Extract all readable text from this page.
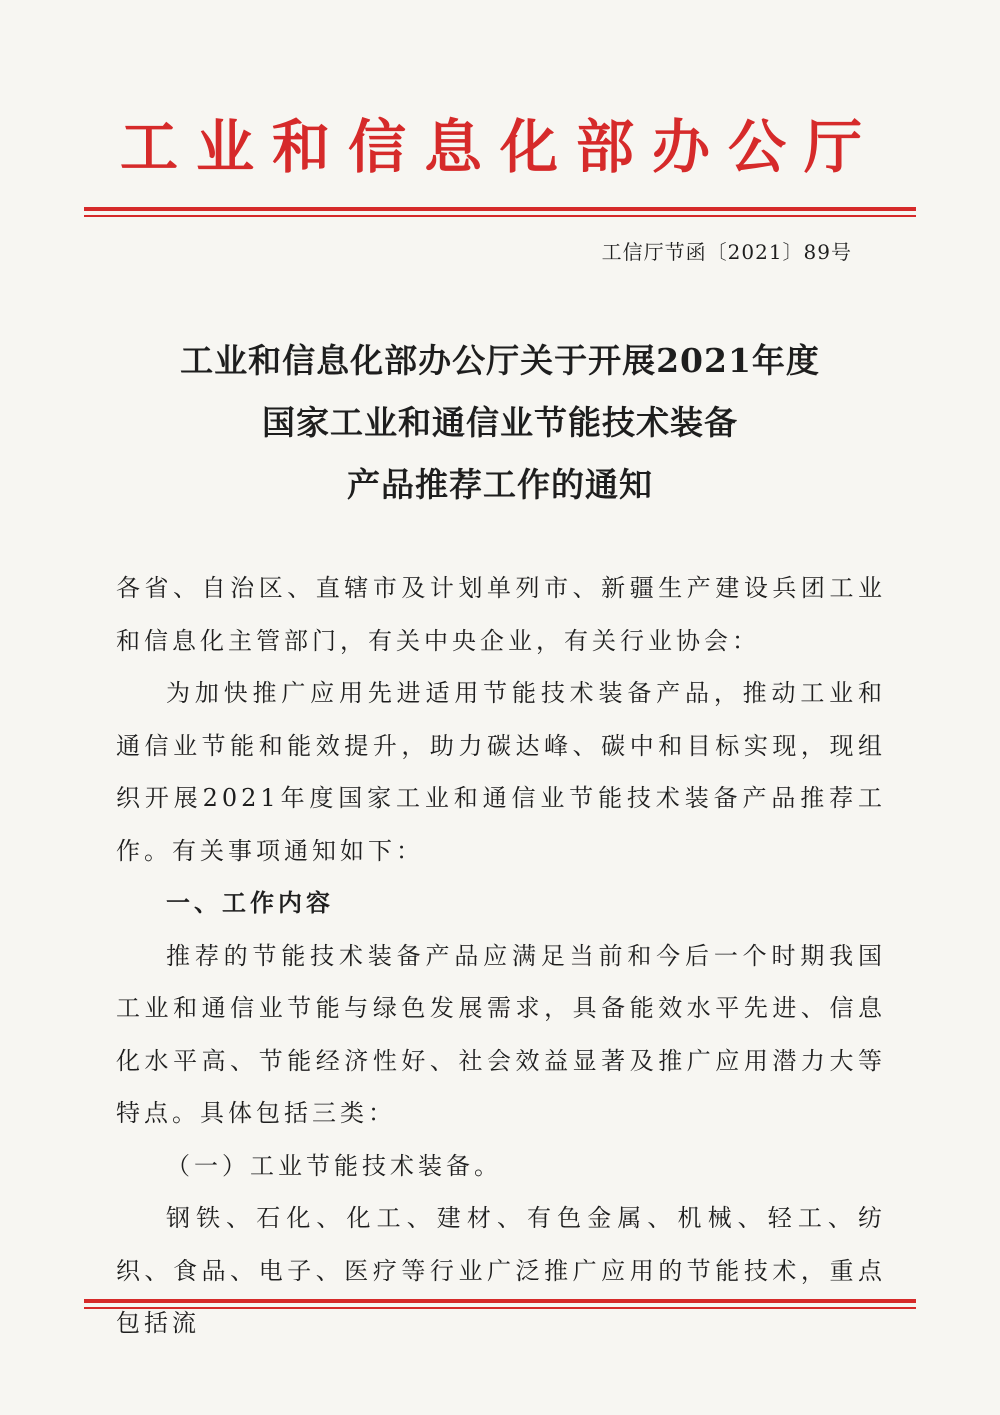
工业和信息化部办公厅
工信厅节函〔2021〕89号
工业和信息化部办公厅关于开展2021年度
国家工业和通信业节能技术装备
产品推荐工作的通知

各省、自治区、直辖市及计划单列市、新疆生产建设兵团工业和信息化主管部门，有关中央企业，有关行业协会：

为加快推广应用先进适用节能技术装备产品，推动工业和通信业节能和能效提升，助力碳达峰、碳中和目标实现，现组织开展2021年度国家工业和通信业节能技术装备产品推荐工作。有关事项通知如下：

一、工作内容

推荐的节能技术装备产品应满足当前和今后一个时期我国工业和通信业节能与绿色发展需求，具备能效水平先进、信息化水平高、节能经济性好、社会效益显著及推广应用潜力大等特点。具体包括三类：

（一）工业节能技术装备。

钢铁、石化、化工、建材、有色金属、机械、轻工、纺织、食品、电子、医疗等行业广泛推广应用的节能技术，重点包括流
